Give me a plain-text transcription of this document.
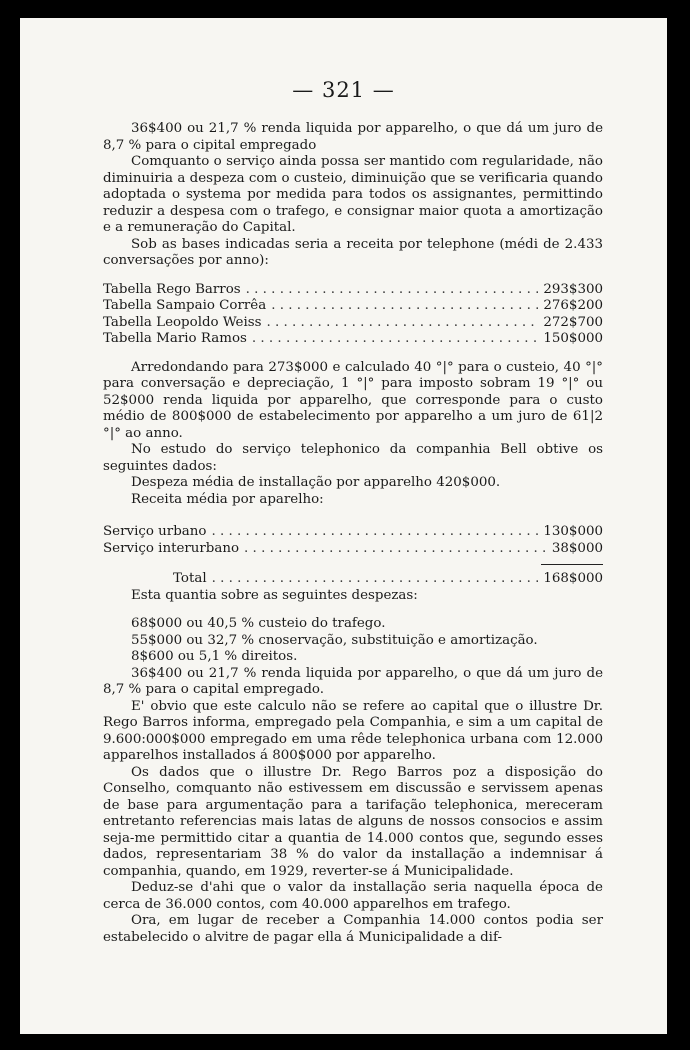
— 321 —

36$400 ou 21,7 % renda liquida por apparelho, o que dá um juro de 8,7 % para o cipital empregado

Comquanto o serviço ainda possa ser mantido com regularidade, não diminuiria a despeza com o custeio, diminuição que se verificaria quando adoptada o systema por medida para todos os assignantes, permittindo reduzir a despesa com o trafego, e consignar maior quota a amortização e a remuneração do Capital.

Sob as bases indicadas seria a receita por telephone (médi de 2.433 conversações por anno):

Tabella Rego Barros . . .	293$300
Tabella Sampaio Corrêa . . .	276$200
Tabella Leopoldo Weiss . . .	272$700
Tabella Mario Ramos . . .	150$000

Arredondando para 273$000 e calculado 40 °|° para o custeio, 40 °|° para conversação e depreciação, 1 °|° para imposto sobram 19 °|° ou 52$000 renda liquida por apparelho, que corresponde para o custo médio de 800$000 de estabelecimento por apparelho a um juro de 61|2 °|° ao anno.

No estudo do serviço telephonico da companhia Bell obtive os seguintes dados:

Despeza média de installação por apparelho 420$000.

Receita média por aparelho:

Serviço urbano . . .	130$000
Serviço interurbano . . .	38$000
Total . . .	168$000

Esta quantia sobre as seguintes despezas:

68$000 ou 40,5 % custeio do trafego.

55$000 ou 32,7 % cnoservação, substituição e amortização.

8$600 ou 5,1 % direitos.

36$400 ou 21,7 % renda liquida por apparelho, o que dá um juro de 8,7 % para o capital empregado.

E' obvio que este calculo não se refere ao capital que o illustre Dr. Rego Barros informa, empregado pela Companhia, e sim a um capital de 9.600:000$000 empregado em uma rêde telephonica urbana com 12.000 apparelhos installados á 800$000 por apparelho.

Os dados que o illustre Dr. Rego Barros poz a disposição do Conselho, comquanto não estivessem em discussão e servissem apenas de base para argumentação para a tarifação telephonica, mereceram entretanto referencias mais latas de alguns de nossos consocios e assim seja-me permittido citar a quantia de 14.000 contos que, segundo esses dados, representariam 38 % do valor da installação a indemnisar á companhia, quando, em 1929, reverter-se á Municipalidade.

Deduz-se d'ahi que o valor da installação seria naquella época de cerca de 36.000 contos, com 40.000 apparelhos em trafego.

Ora, em lugar de receber a Companhia 14.000 contos podia ser estabelecido o alvitre de pagar ella á Municipalidade a dif-
